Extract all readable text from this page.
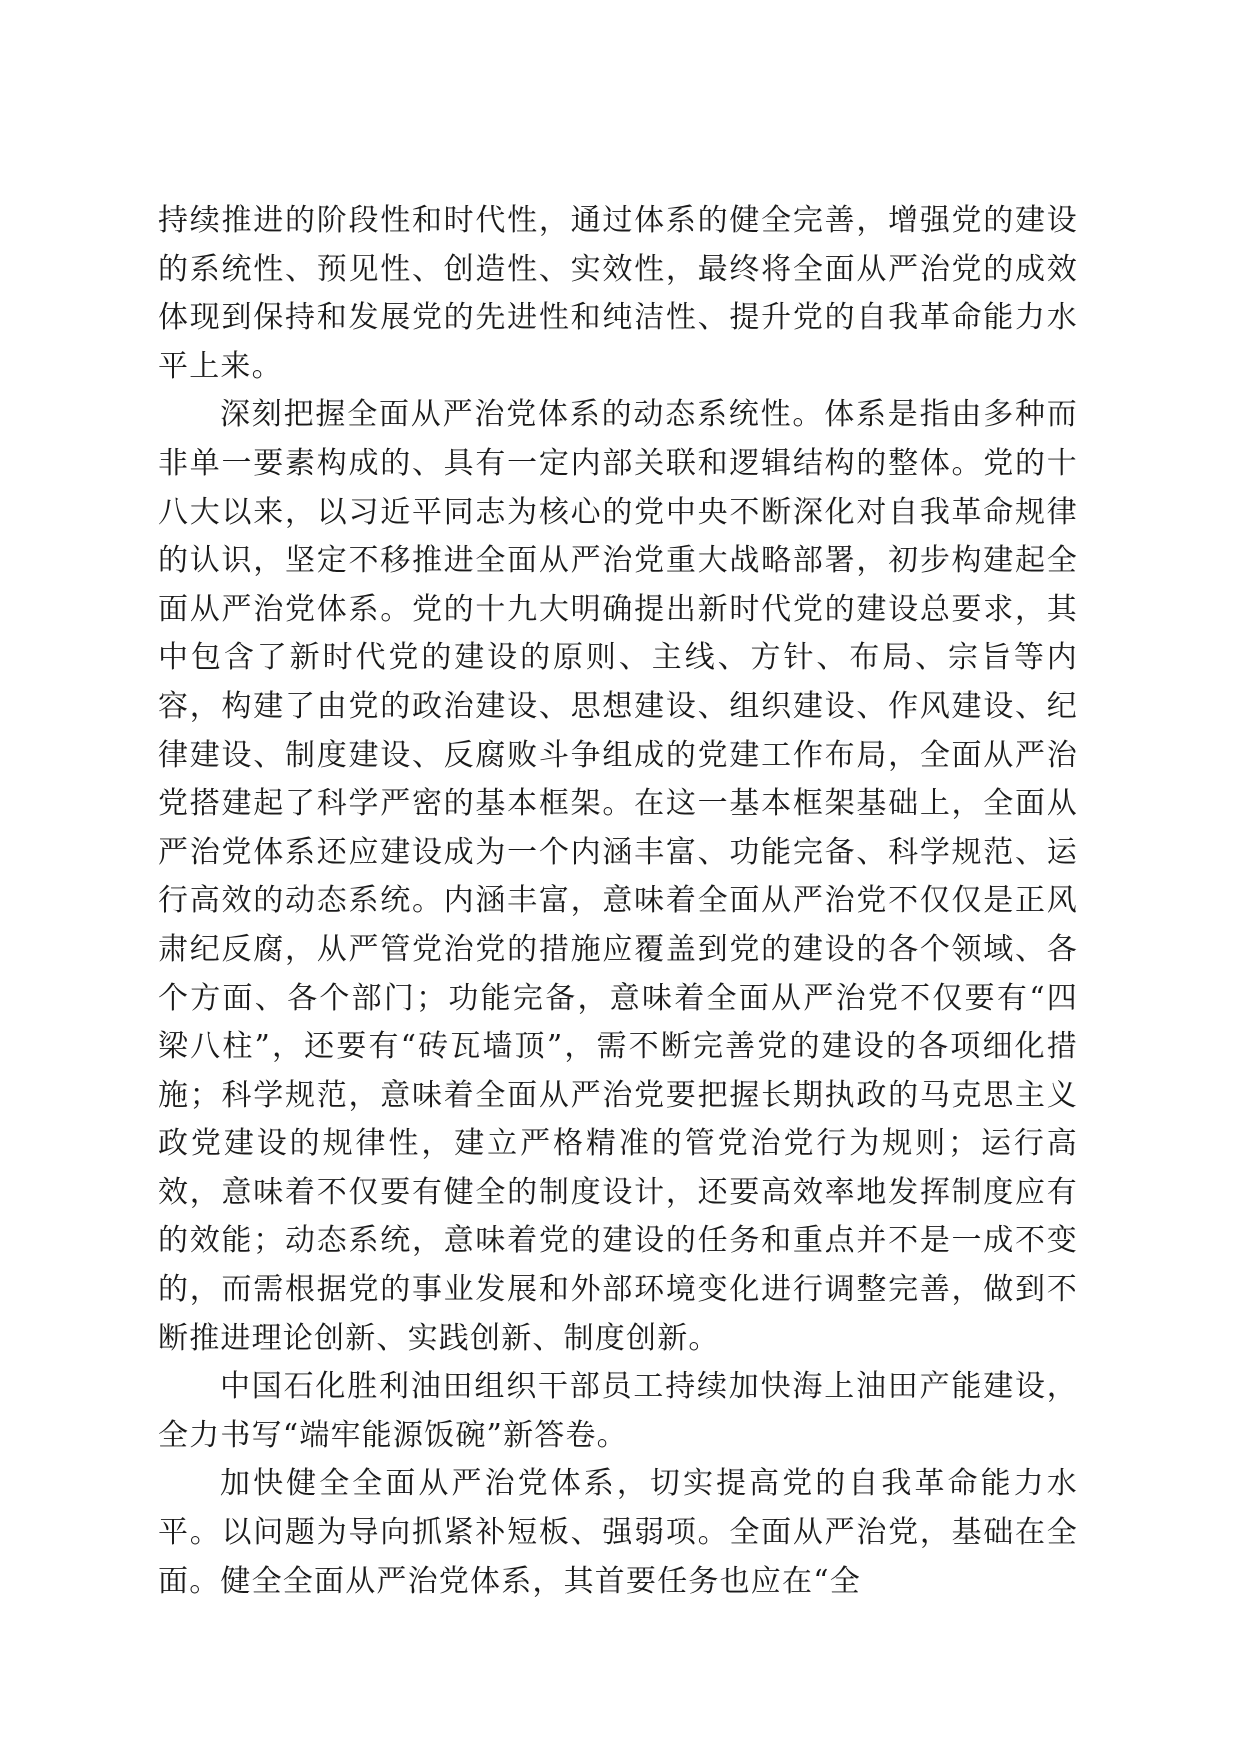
持续推进的阶段性和时代性，通过体系的健全完善，增强党的建设的系统性、预见性、创造性、实效性，最终将全面从严治党的成效体现到保持和发展党的先进性和纯洁性、提升党的自我革命能力水平上来。

深刻把握全面从严治党体系的动态系统性。体系是指由多种而非单一要素构成的、具有一定内部关联和逻辑结构的整体。党的十八大以来，以习近平同志为核心的党中央不断深化对自我革命规律的认识，坚定不移推进全面从严治党重大战略部署，初步构建起全面从严治党体系。党的十九大明确提出新时代党的建设总要求，其中包含了新时代党的建设的原则、主线、方针、布局、宗旨等内容，构建了由党的政治建设、思想建设、组织建设、作风建设、纪律建设、制度建设、反腐败斗争组成的党建工作布局，全面从严治党搭建起了科学严密的基本框架。在这一基本框架基础上，全面从严治党体系还应建设成为一个内涵丰富、功能完备、科学规范、运行高效的动态系统。内涵丰富，意味着全面从严治党不仅仅是正风肃纪反腐，从严管党治党的措施应覆盖到党的建设的各个领域、各个方面、各个部门；功能完备，意味着全面从严治党不仅要有“四梁八柱”，还要有“砖瓦墙顶”，需不断完善党的建设的各项细化措施；科学规范，意味着全面从严治党要把握长期执政的马克思主义政党建设的规律性，建立严格精准的管党治党行为规则；运行高效，意味着不仅要有健全的制度设计，还要高效率地发挥制度应有的效能；动态系统，意味着党的建设的任务和重点并不是一成不变的，而需根据党的事业发展和外部环境变化进行调整完善，做到不断推进理论创新、实践创新、制度创新。

中国石化胜利油田组织干部员工持续加快海上油田产能建设，全力书写“端牢能源饭碗”新答卷。

加快健全全面从严治党体系，切实提高党的自我革命能力水平。以问题为导向抓紧补短板、强弱项。全面从严治党，基础在全面。健全全面从严治党体系，其首要任务也应在“全
